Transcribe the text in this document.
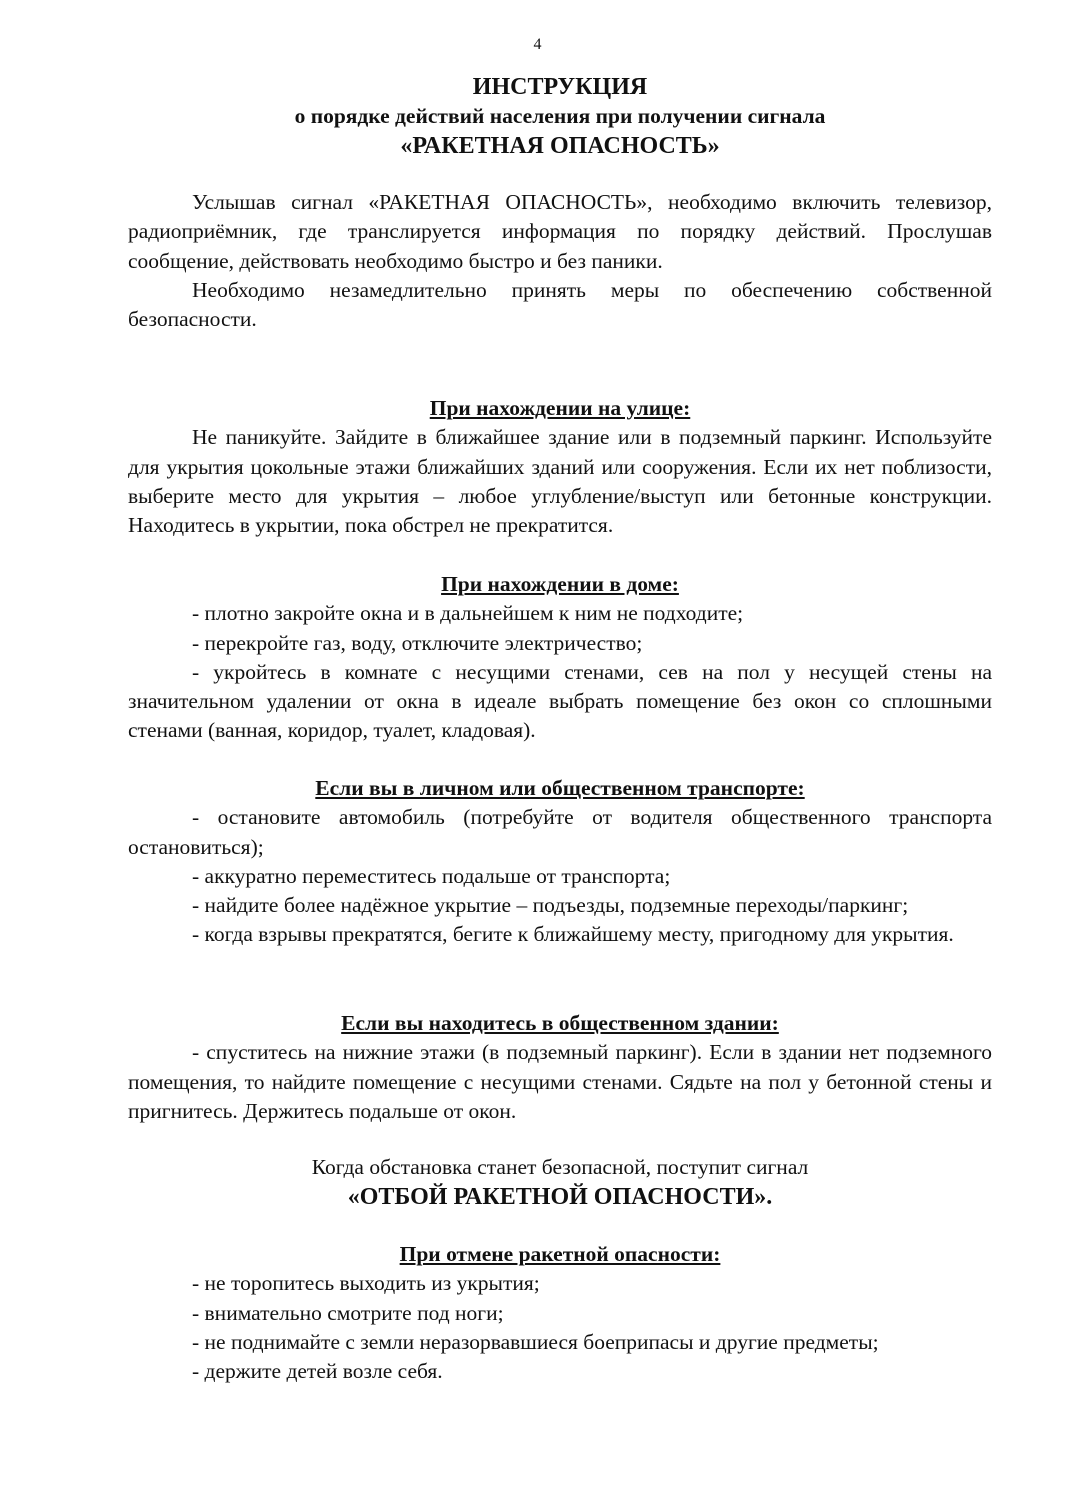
4
ИНСТРУКЦИЯ
о порядке действий населения при получении сигнала
«РАКЕТНАЯ ОПАСНОСТЬ»

Услышав сигнал «РАКЕТНАЯ ОПАСНОСТЬ», необходимо включить телевизор, радиоприёмник, где транслируется информация по порядку действий. Прослушав сообщение, действовать необходимо быстро и без паники.

Необходимо незамедлительно принять меры по обеспечению собственной безопасности.

При нахождении на улице:

Не паникуйте. Зайдите в ближайшее здание или в подземный паркинг. Используйте для укрытия цокольные этажи ближайших зданий или сооружения. Если их нет поблизости, выберите место для укрытия – любое углубление/выступ или бетонные конструкции. Находитесь в укрытии, пока обстрел не прекратится.

При нахождении в доме:

- плотно закройте окна и в дальнейшем к ним не подходите;

- перекройте газ, воду, отключите электричество;

- укройтесь в комнате с несущими стенами, сев на пол у несущей стены на значительном удалении от окна в идеале выбрать помещение без окон со сплошными стенами (ванная, коридор, туалет, кладовая).

Если вы в личном или общественном транспорте:

- остановите автомобиль (потребуйте от водителя общественного транспорта остановиться);

- аккуратно переместитесь подальше от транспорта;

- найдите более надёжное укрытие – подъезды, подземные переходы/паркинг;

- когда взрывы прекратятся, бегите к ближайшему месту, пригодному для укрытия.

Если вы находитесь в общественном здании:

- спуститесь на нижние этажи (в подземный паркинг). Если в здании нет подземного помещения, то найдите помещение с несущими стенами. Сядьте на пол у бетонной стены и пригнитесь. Держитесь подальше от окон.

Когда обстановка станет безопасной, поступит сигнал
«ОТБОЙ РАКЕТНОЙ ОПАСНОСТИ».
При отмене ракетной опасности:

- не торопитесь выходить из укрытия;

- внимательно смотрите под ноги;

- не поднимайте с земли неразорвавшиеся боеприпасы и другие предметы;

- держите детей возле себя.
